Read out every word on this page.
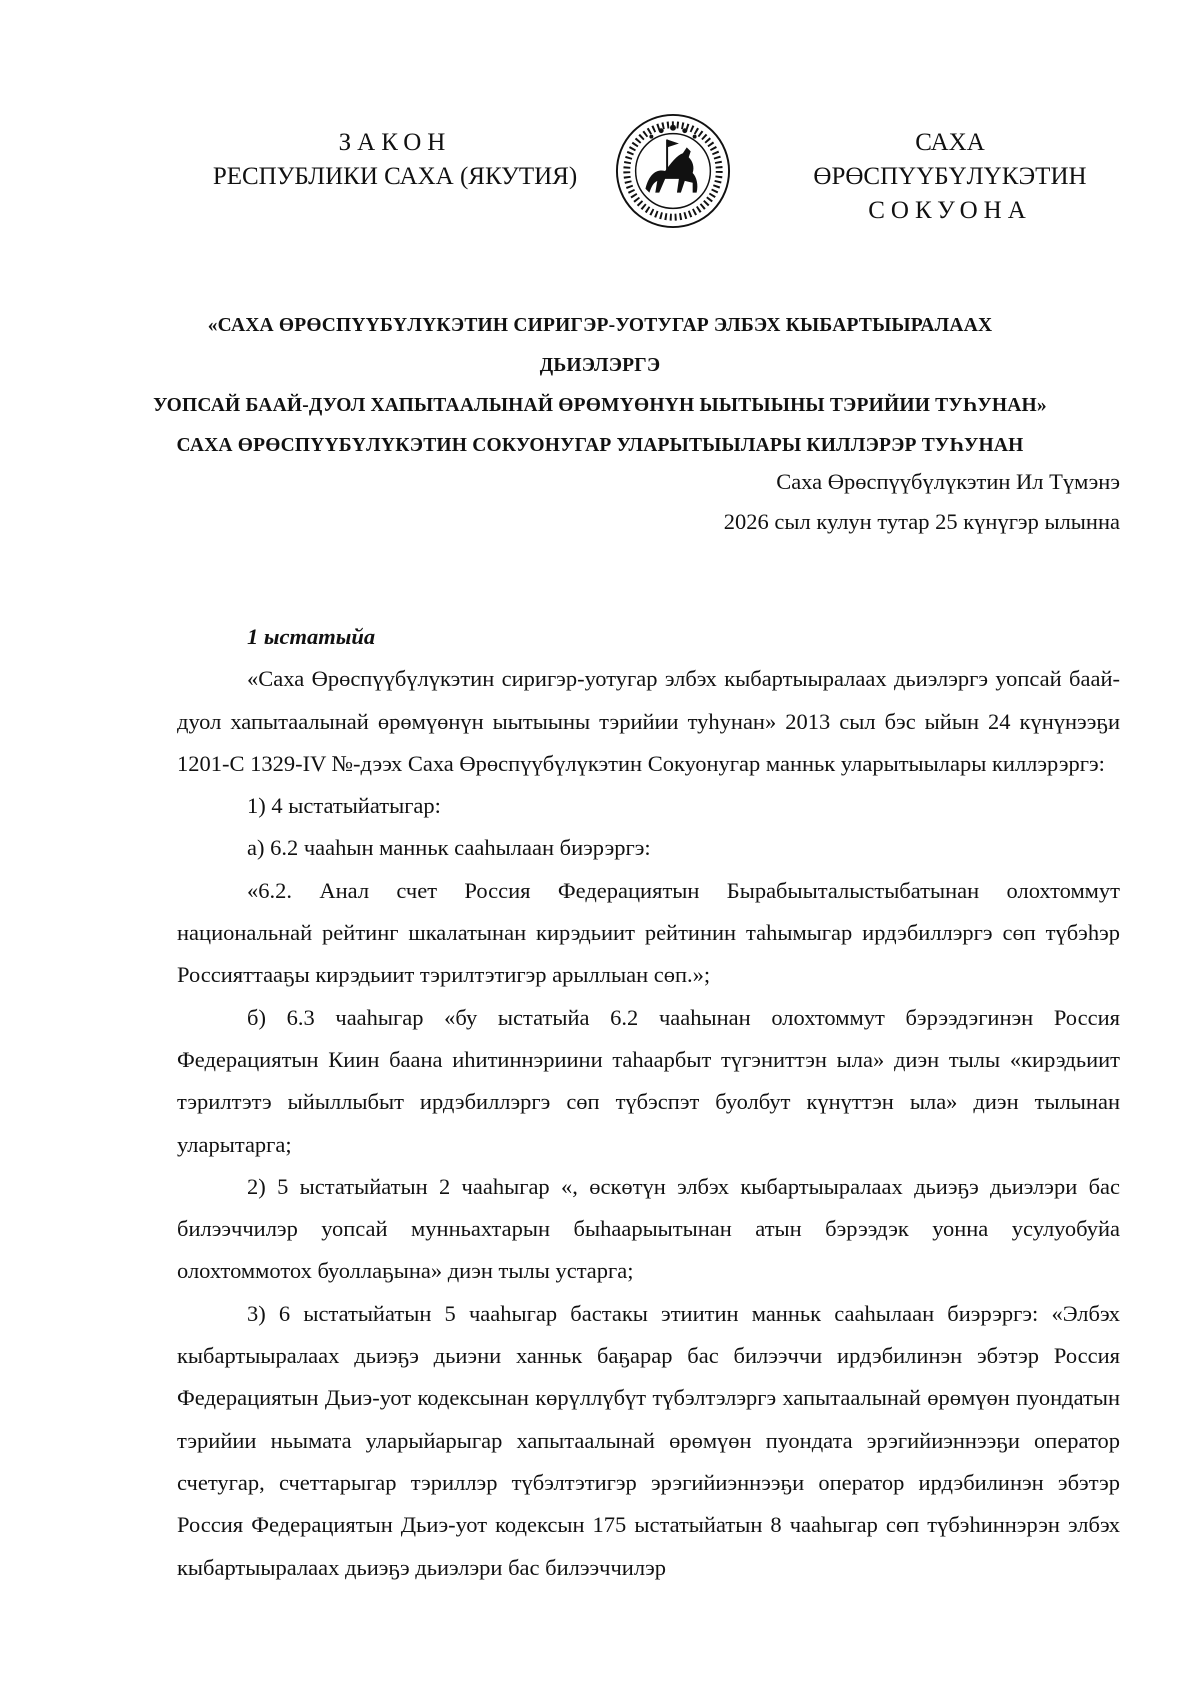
ЗАКОН
РЕСПУБЛИКИ САХА (ЯКУТИЯ)
САХА ӨРӨСПҮҮБҮЛҮКЭТИН
СОКУОНА
«САХА ӨРӨСПҮҮБҮЛҮКЭТИН СИРИГЭР-УОТУГАР ЭЛБЭХ КЫБАРТЫЫРАЛААХ ДЬИЭЛЭРГЭ
УОПСАЙ БААЙ-ДУОЛ ХАПЫТААЛЫНАЙ ӨРӨМҮӨНҮН ЫЫТЫЫНЫ ТЭРИЙИИ ТУҺУНАН»
САХА ӨРӨСПҮҮБҮЛҮКЭТИН СОКУОНУГАР УЛАРЫТЫЫЛАРЫ КИЛЛЭРЭР ТУҺУНАН
Саха Өрөспүүбүлүкэтин Ил Түмэнэ
2026 сыл кулун тутар 25 күнүгэр ылынна
1 ыстатыйа

«Саха Өрөспүүбүлүкэтин сиригэр-уотугар элбэх кыбартыыралаах дьиэлэргэ уопсай баай-дуол хапытаалынай өрөмүөнүн ыытыыны тэрийии туһунан» 2013 сыл бэс ыйын 24 күнүнээҕи 1201-С 1329-IV №-дээх Саха Өрөспүүбүлүкэтин Сокуонугар манньк уларытыылары киллэрэргэ:

1) 4 ыстатыйатыгар:

а) 6.2 чааһын манньк сааһылаан биэрэргэ:

«6.2. Анал счет Россия Федерациятын Бырабыыталыстыбатынан олохтоммут национальнай рейтинг шкалатынан кирэдьиит рейтинин таһымыгар ирдэбиллэргэ сөп түбэһэр Россияттааҕы кирэдьиит тэрилтэтигэр арыллыан сөп.»;

б) 6.3 чааһыгар «бу ыстатыйа 6.2 чааһынан олохтоммут бэрээдэгинэн Россия Федерациятын Киин баана иһитиннэриини таһаарбыт түгэниттэн ыла» диэн тылы «кирэдьиит тэрилтэтэ ыйыллыбыт ирдэбиллэргэ сөп түбэспэт буолбут күнүттэн ыла» диэн тылынан уларытарга;

2) 5 ыстатыйатын 2 чааһыгар «, өскөтүн элбэх кыбартыыралаах дьиэҕэ дьиэлэри бас билээччилэр уопсай мунньахтарын быһаарыытынан атын бэрээдэк уонна усулуобуйа олохтоммотох буоллаҕына» диэн тылы устарга;

3) 6 ыстатыйатын 5 чааһыгар бастакы этиитин манньк сааһылаан биэрэргэ: «Элбэх кыбартыыралаах дьиэҕэ дьиэни ханньк баҕарар бас билээччи ирдэбилинэн эбэтэр Россия Федерациятын Дьиэ-уот кодексынан көрүллүбүт түбэлтэлэргэ хапытаалынай өрөмүөн пуондатын тэрийии ньымата уларыйарыгар хапытаалынай өрөмүөн пуондата эрэгийиэннээҕи оператор счетугар, счеттарыгар тэриллэр түбэлтэтигэр эрэгийиэннээҕи оператор ирдэбилинэн эбэтэр Россия Федерациятын Дьиэ-уот кодексын 175 ыстатыйатын 8 чааһыгар сөп түбэһиннэрэн элбэх кыбартыыралаах дьиэҕэ дьиэлэри бас билээччилэр
